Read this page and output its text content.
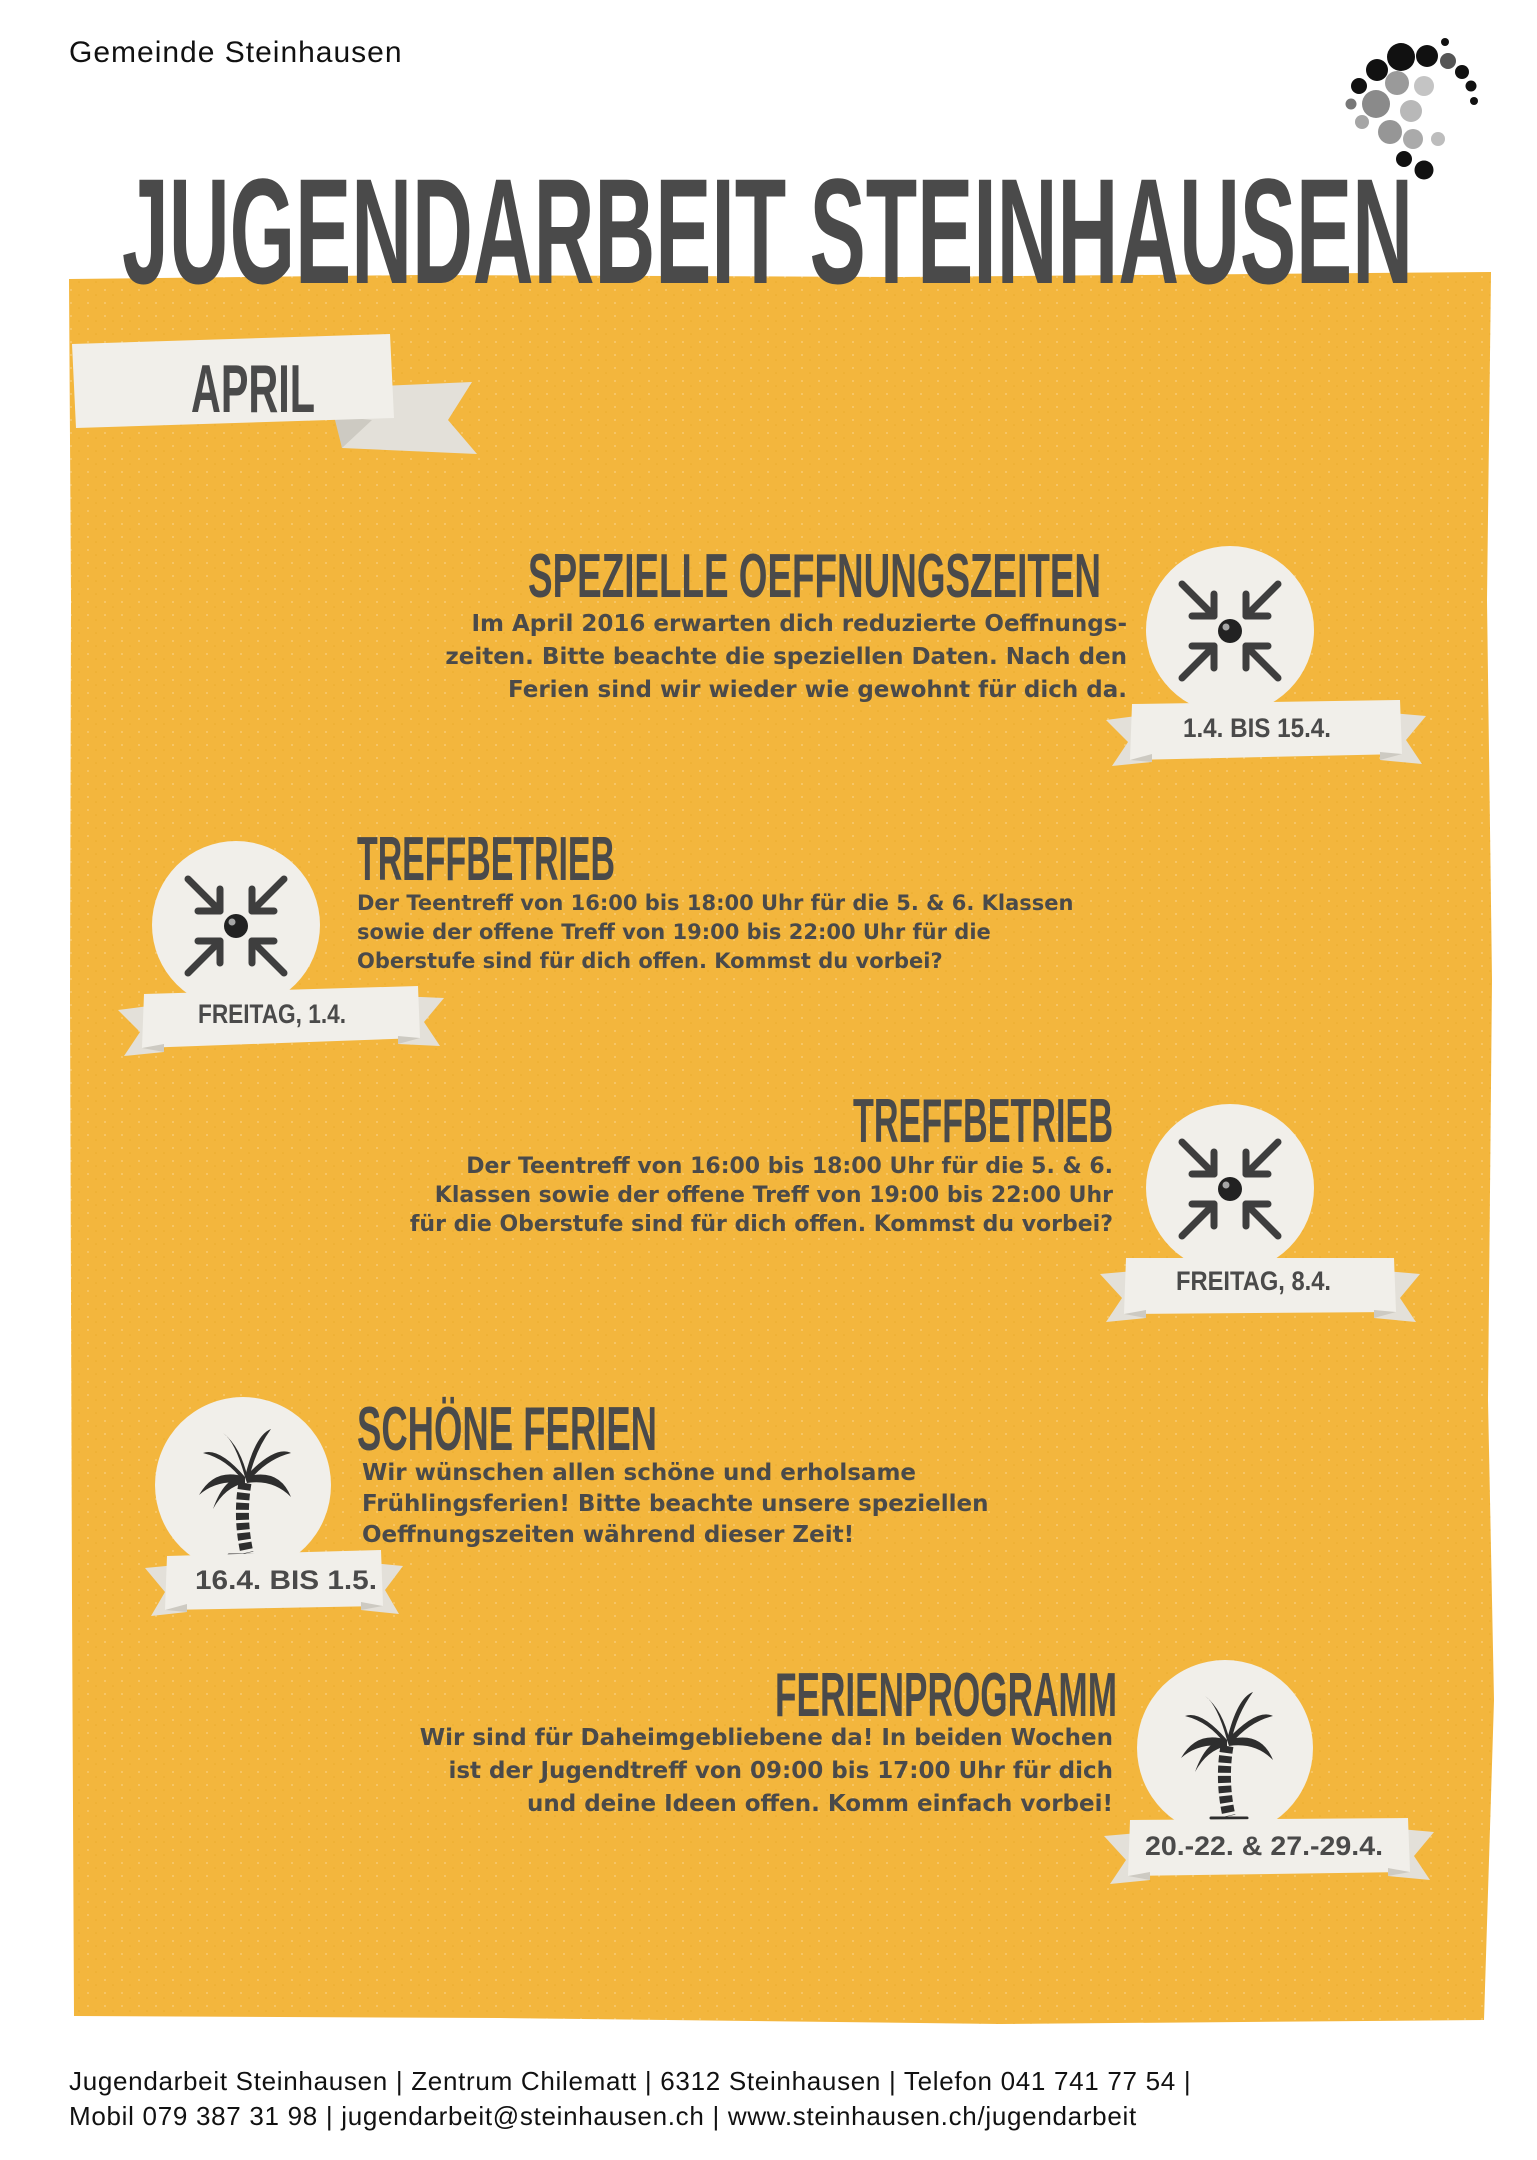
Gemeinde Steinhausen
JUGENDARBEIT STEINHAUSEN
APRIL
SPEZIELLE OEFFNUNGSZEITEN
Im April 2016 erwarten dich reduzierte Oeffnungs-
zeiten. Bitte beachte die speziellen Daten. Nach den
Ferien sind wir wieder wie gewohnt für dich da.
1.4. BIS 15.4.
TREFFBETRIEB
Der Teentreff von 16:00 bis 18:00 Uhr für die 5. & 6. Klassen
sowie der offene Treff von 19:00 bis 22:00 Uhr für die
Oberstufe sind für dich offen. Kommst du vorbei?
FREITAG, 1.4.
TREFFBETRIEB
Der Teentreff von 16:00 bis 18:00 Uhr für die 5. & 6.
Klassen sowie der offene Treff von 19:00 bis 22:00 Uhr
für die Oberstufe sind für dich offen. Kommst du vorbei?
FREITAG, 8.4.
SCHÖNE FERIEN
Wir wünschen allen schöne und erholsame
Frühlingsferien! Bitte beachte unsere speziellen
Oeffnungszeiten während dieser Zeit!
16.4. BIS 1.5.
FERIENPROGRAMM
Wir sind für Daheimgebliebene da! In beiden Wochen
ist der Jugendtreff von 09:00 bis 17:00 Uhr für dich
und deine Ideen offen. Komm einfach vorbei!
20.-22. & 27.-29.4.
Jugendarbeit Steinhausen | Zentrum Chilematt | 6312 Steinhausen | Telefon 041 741 77 54 |
Mobil 079 387 31 98 | jugendarbeit@steinhausen.ch | www.steinhausen.ch/jugendarbeit
